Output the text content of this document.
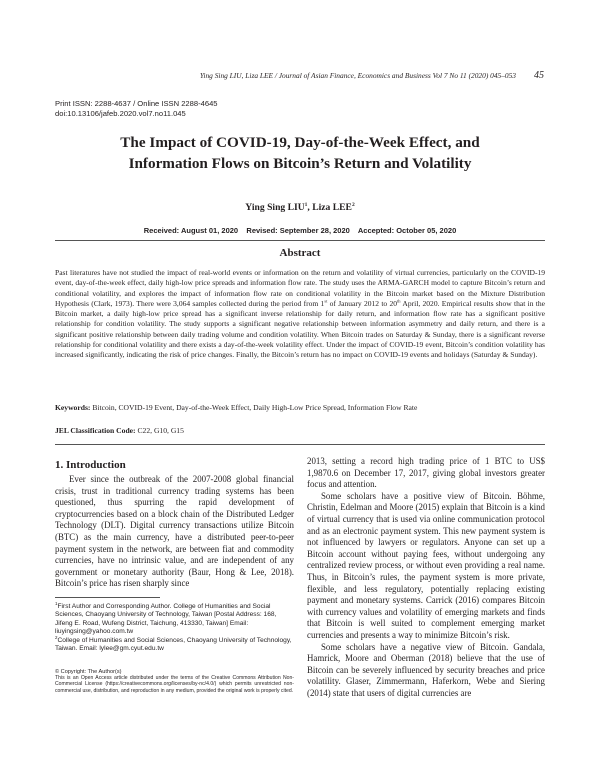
Ying Sing LIU, Liza LEE / Journal of Asian Finance, Economics and Business Vol 7 No 11 (2020) 045–053 45
Print ISSN: 2288-4637 / Online ISSN 2288-4645
doi:10.13106/jafeb.2020.vol7.no11.045
The Impact of COVID-19, Day-of-the-Week Effect, and
Information Flows on Bitcoin’s Return and Volatility
Ying Sing LIU$^1$, Liza LEE$^2$
Received: August 01, 2020    Revised: September 28, 2020    Accepted: October 05, 2020
Abstract

Past literatures have not studied the impact of real-world events or information on the return and volatility of virtual currencies, particularly on the COVID-19 event, day-of-the-week effect, daily high-low price spreads and information flow rate. The study uses the ARMA-GARCH model to capture Bitcoin’s return and conditional volatility, and explores the impact of information flow rate on conditional volatility in the Bitcoin market based on the Mixture Distribution Hypothesis (Clark, 1973). There were 3,064 samples collected during the period from 1st of January 2012 to 20th April, 2020. Empirical results show that in the Bitcoin market, a daily high-low price spread has a significant inverse relationship for daily return, and information flow rate has a significant positive relationship for condition volatility. The study supports a significant negative relationship between information asymmetry and daily return, and there is a significant positive relationship between daily trading volume and condition volatility. When Bitcoin trades on Saturday & Sunday, there is a significant reverse relationship for conditional volatility and there exists a day-of-the-week volatility effect. Under the impact of COVID-19 event, Bitcoin’s condition volatility has increased significantly, indicating the risk of price changes. Finally, the Bitcoin’s return has no impact on COVID-19 events and holidays (Saturday & Sunday).

Keywords: Bitcoin, COVID-19 Event, Day-of-the-Week Effect, Daily High-Low Price Spread, Information Flow Rate
JEL Classification Code: C22, G10, G15
1. Introduction

Ever since the outbreak of the 2007-2008 global financial crisis, trust in traditional currency trading systems has been questioned, thus spurring the rapid development of cryptocurrencies based on a block chain of the Distributed Ledger Technology (DLT). Digital currency transactions utilize Bitcoin (BTC) as the main currency, have a distributed peer-to-peer payment system in the network, are between fiat and commodity currencies, have no intrinsic value, and are independent of any government or monetary authority (Baur, Hong & Lee, 2018). Bitcoin’s price has risen sharply since

2013, setting a record high trading price of 1 BTC to US$ 1,9870.6 on December 17, 2017, giving global investors greater focus and attention.

Some scholars have a positive view of Bitcoin. Böhme, Christin, Edelman and Moore (2015) explain that Bitcoin is a kind of virtual currency that is used via online communication protocol and as an electronic payment system. This new payment system is not influenced by lawyers or regulators. Anyone can set up a Bitcoin account without paying fees, without undergoing any centralized review process, or without even providing a real name. Thus, in Bitcoin’s rules, the payment system is more private, flexible, and less regulatory, potentially replacing existing payment and monetary systems. Carrick (2016) compares Bitcoin with currency values and volatility of emerging markets and finds that Bitcoin is well suited to complement emerging market currencies and presents a way to minimize Bitcoin’s risk.

Some scholars have a negative view of Bitcoin. Gandala, Hamrick, Moore and Oberman (2018) believe that the use of Bitcoin can be severely influenced by security breaches and price volatility. Glaser, Zimmermann, Haferkorn, Webe and Siering (2014) state that users of digital currencies are

$^1$First Author and Corresponding Author. College of Humanities and Social Sciences, Chaoyang University of Technology, Taiwan [Postal Address: 168, Jifeng E. Road, Wufeng District, Taichung, 413330, Taiwan] Email: liuyingsing@yahoo.com.tw
$^2$College of Humanities and Social Sciences, Chaoyang University of Technology, Taiwan. Email: lylee@gm.cyut.edu.tw
© Copyright: The Author(s)
This is an Open Access article distributed under the terms of the Creative Commons Attribution Non-Commercial License (https://creativecommons.org/licenses/by-nc/4.0/) which permits unrestricted non-commercial use, distribution, and reproduction in any medium, provided the original work is properly cited.
